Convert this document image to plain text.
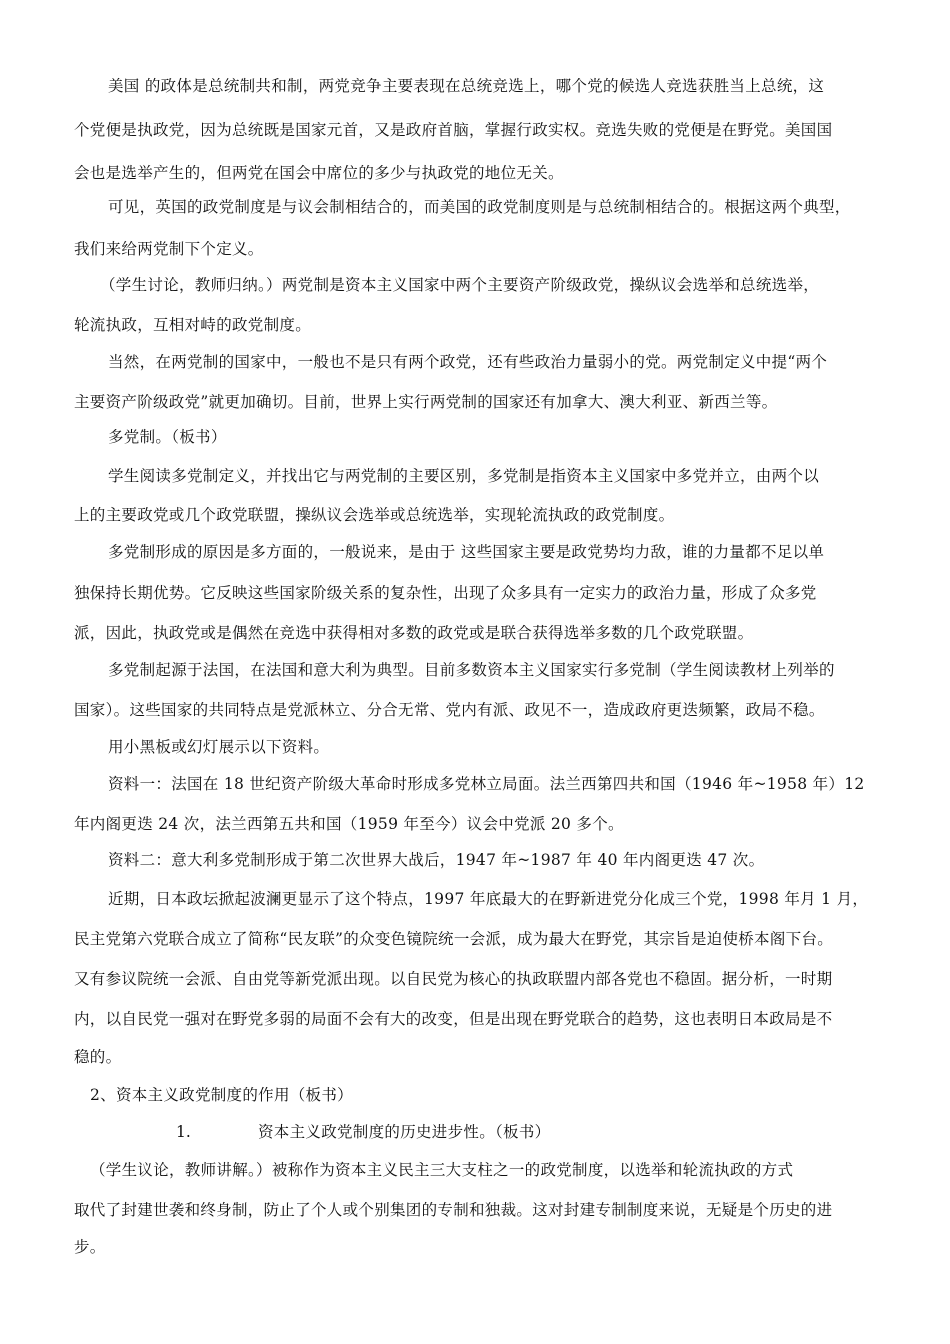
美国 的政体是总统制共和制，两党竞争主要表现在总统竞选上，哪个党的候选人竞选获胜当上总统，这
个党便是执政党，因为总统既是国家元首，又是政府首脑，掌握行政实权。竞选失败的党便是在野党。美国国
会也是选举产生的，但两党在国会中席位的多少与执政党的地位无关。
可见，英国的政党制度是与议会制相结合的，而美国的政党制度则是与总统制相结合的。根据这两个典型，
我们来给两党制下个定义。
（学生讨论，教师归纳。）两党制是资本主义国家中两个主要资产阶级政党，操纵议会选举和总统选举，
轮流执政，互相对峙的政党制度。
当然，在两党制的国家中，一般也不是只有两个政党，还有些政治力量弱小的党。两党制定义中提“两个
主要资产阶级政党”就更加确切。目前，世界上实行两党制的国家还有加拿大、澳大利亚、新西兰等。
多党制。（板书）
学生阅读多党制定义，并找出它与两党制的主要区别，多党制是指资本主义国家中多党并立，由两个以
上的主要政党或几个政党联盟，操纵议会选举或总统选举，实现轮流执政的政党制度。
多党制形成的原因是多方面的，一般说来，是由于 这些国家主要是政党势均力敌，谁的力量都不足以单
独保持长期优势。它反映这些国家阶级关系的复杂性，出现了众多具有一定实力的政治力量，形成了众多党
派，因此，执政党或是偶然在竞选中获得相对多数的政党或是联合获得选举多数的几个政党联盟。
多党制起源于法国，在法国和意大利为典型。目前多数资本主义国家实行多党制（学生阅读教材上列举的
国家）。这些国家的共同特点是党派林立、分合无常、党内有派、政见不一，造成政府更迭频繁，政局不稳。
用小黑板或幻灯展示以下资料。
资料一：法国在 18 世纪资产阶级大革命时形成多党林立局面。法兰西第四共和国（1946 年~1958 年）12
年内阁更迭 24 次，法兰西第五共和国（1959 年至今）议会中党派 20 多个。
资料二：意大利多党制形成于第二次世界大战后，1947 年~1987 年 40 年内阁更迭 47 次。
近期，日本政坛掀起波澜更显示了这个特点，1997 年底最大的在野新进党分化成三个党，1998 年月 1 月，
民主党第六党联合成立了简称“民友联”的众变色镜院统一会派，成为最大在野党，其宗旨是迫使桥本阁下台。
又有参议院统一会派、自由党等新党派出现。以自民党为核心的执政联盟内部各党也不稳固。据分析，一时期
内，以自民党一强对在野党多弱的局面不会有大的改变，但是出现在野党联合的趋势，这也表明日本政局是不
稳的。
2、资本主义政党制度的作用（板书）
1.	资本主义政党制度的历史进步性。（板书）
（学生议论，教师讲解。）被称作为资本主义民主三大支柱之一的政党制度，以选举和轮流执政的方式
取代了封建世袭和终身制，防止了个人或个别集团的专制和独裁。这对封建专制制度来说，无疑是个历史的进
步。
